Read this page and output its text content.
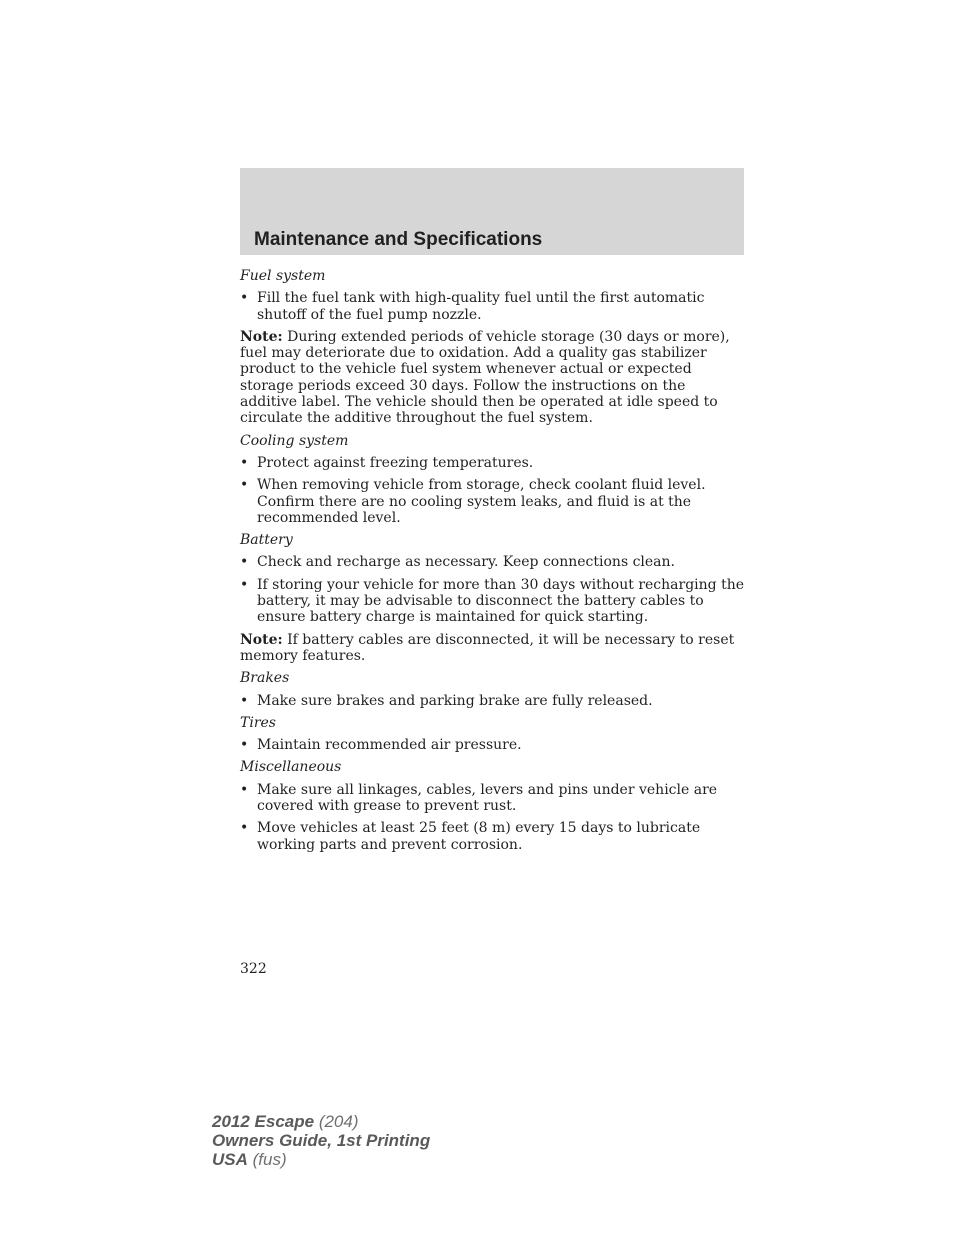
Maintenance and Specifications

Fuel system

• Fill the fuel tank with high-quality fuel until the first automatic shutoff of the fuel pump nozzle.

Note: During extended periods of vehicle storage (30 days or more), fuel may deteriorate due to oxidation. Add a quality gas stabilizer product to the vehicle fuel system whenever actual or expected storage periods exceed 30 days. Follow the instructions on the additive label. The vehicle should then be operated at idle speed to circulate the additive throughout the fuel system.

Cooling system

• Protect against freezing temperatures.
• When removing vehicle from storage, check coolant fluid level. Confirm there are no cooling system leaks, and fluid is at the recommended level.

Battery

• Check and recharge as necessary. Keep connections clean.
• If storing your vehicle for more than 30 days without recharging the battery, it may be advisable to disconnect the battery cables to ensure battery charge is maintained for quick starting.

Note: If battery cables are disconnected, it will be necessary to reset memory features.

Brakes

• Make sure brakes and parking brake are fully released.

Tires

• Maintain recommended air pressure.

Miscellaneous

• Make sure all linkages, cables, levers and pins under vehicle are covered with grease to prevent rust.
• Move vehicles at least 25 feet (8 m) every 15 days to lubricate working parts and prevent corrosion.
322
2012 Escape (204)
Owners Guide, 1st Printing
USA (fus)
